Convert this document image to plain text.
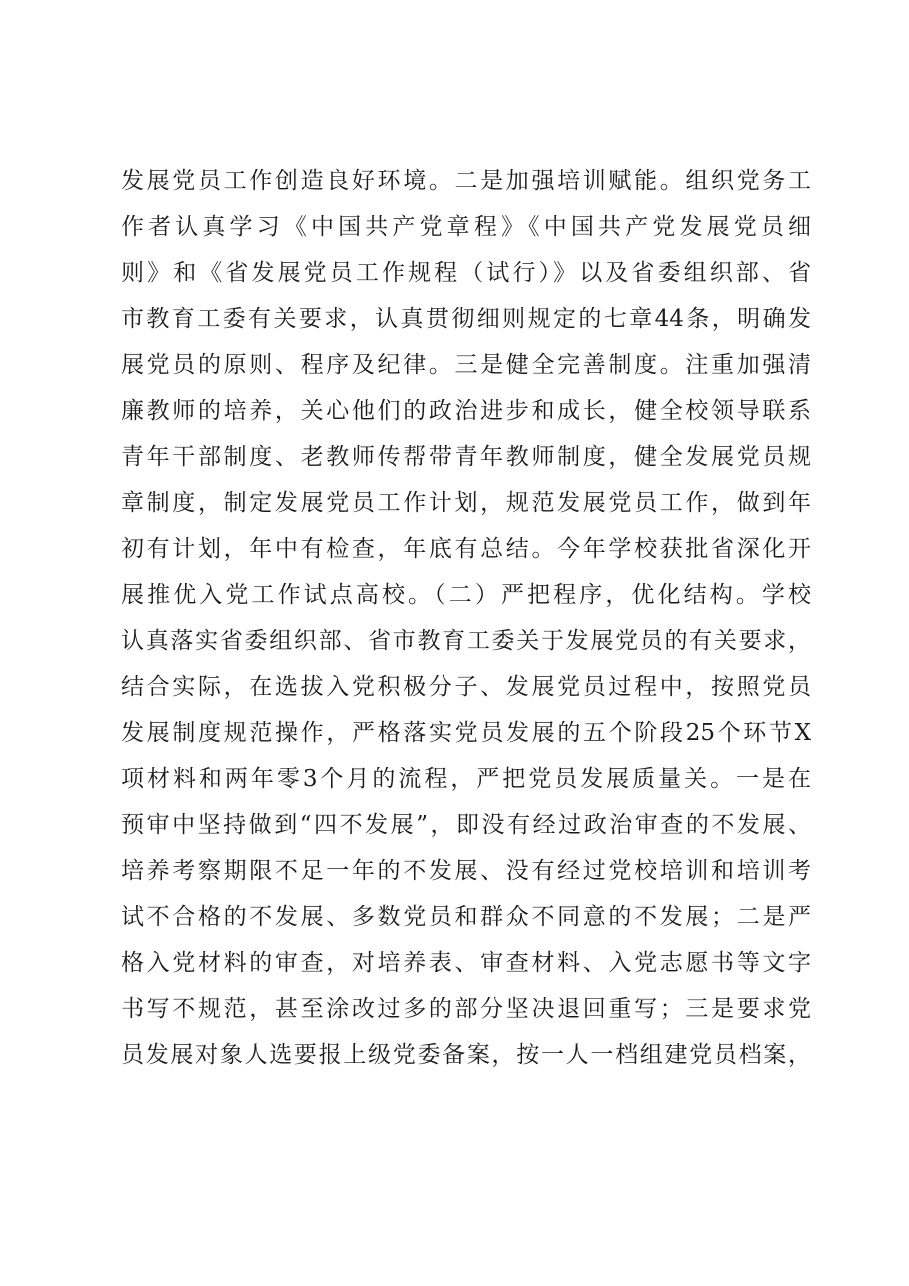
发展党员工作创造良好环境。二是加强培训赋能。组织党务工
作者认真学习《中国共产党章程》《中国共产党发展党员细
则》和《省发展党员工作规程（试行）》以及省委组织部、省
市教育工委有关要求，认真贯彻细则规定的七章44条，明确发
展党员的原则、程序及纪律。三是健全完善制度。注重加强清
廉教师的培养，关心他们的政治进步和成长，健全校领导联系
青年干部制度、老教师传帮带青年教师制度，健全发展党员规
章制度，制定发展党员工作计划，规范发展党员工作，做到年
初有计划，年中有检查，年底有总结。今年学校获批省深化开
展推优入党工作试点高校。（二）严把程序，优化结构。学校
认真落实省委组织部、省市教育工委关于发展党员的有关要求，
结合实际，在选拔入党积极分子、发展党员过程中，按照党员
发展制度规范操作，严格落实党员发展的五个阶段25个环节X
项材料和两年零3个月的流程，严把党员发展质量关。一是在
预审中坚持做到“四不发展”，即没有经过政治审查的不发展、
培养考察期限不足一年的不发展、没有经过党校培训和培训考
试不合格的不发展、多数党员和群众不同意的不发展；二是严
格入党材料的审查，对培养表、审查材料、入党志愿书等文字
书写不规范，甚至涂改过多的部分坚决退回重写；三是要求党
员发展对象人选要报上级党委备案，按一人一档组建党员档案，
